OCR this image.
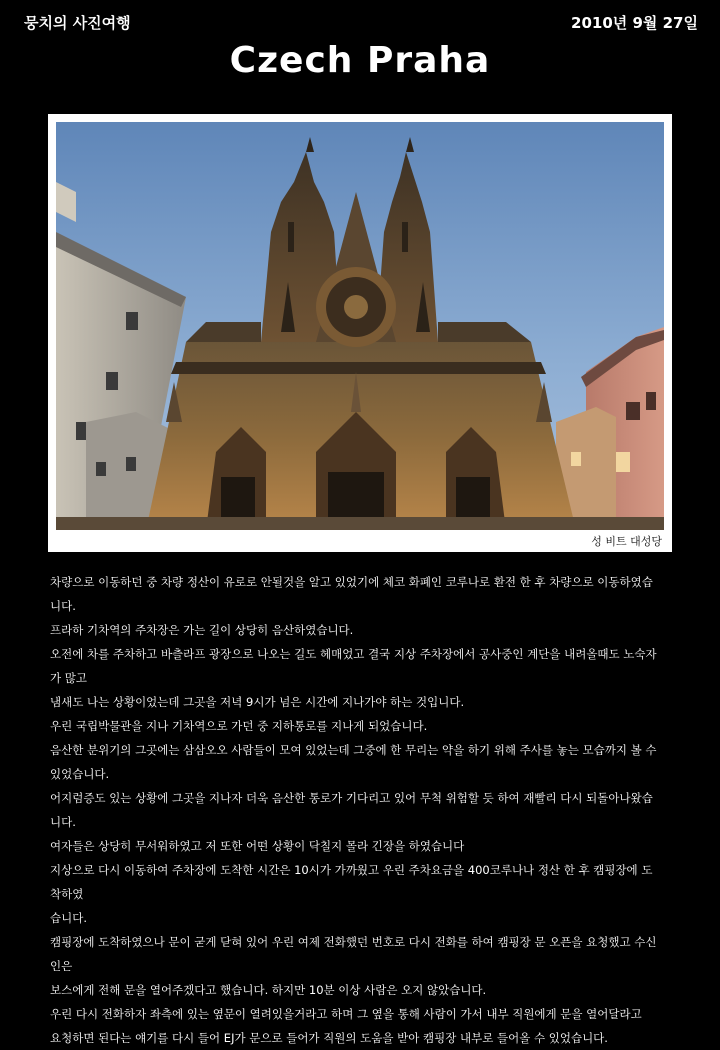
뭉치의 사진여행	2010년 9월 27일
Czech Praha
성 비트 대성당

차량으로 이동하던 중 차량 정산이 유로로 안될것을 알고 있었기에 체코 화폐인 코루나로 환전 한 후 차량으로 이동하였습니다.

프라하 기차역의 주차장은 가는 길이 상당히 음산하였습니다.

오전에 차를 주차하고 바츨라프 광장으로 나오는 길도 헤매었고 결국 지상 주차장에서 공사중인 계단을 내려올때도 노숙자가 많고

냄새도 나는 상황이었는데 그곳을 저녁 9시가 넘은 시간에 지나가야 하는 것입니다.

우린 국립박물관을 지나 기차역으로 가던 중 지하통로를 지나게 되었습니다.

음산한 분위기의 그곳에는 삼삼오오 사람들이 모여 있었는데 그중에 한 무리는 약을 하기 위해 주사를 놓는 모습까지 볼 수

있었습니다.

어지럼증도 있는 상황에 그곳을 지나자 더욱 음산한 통로가 기다리고 있어 무척 위험할 듯 하여 재빨리 다시 되돌아나왔습니다.

여자들은 상당히 무서워하였고 저 또한 어떤 상황이 닥칠지 몰라 긴장을 하였습니다

지상으로 다시 이동하여 주차장에 도착한 시간은 10시가 가까웠고 우린 주차요금을 400코루나나 정산 한 후 캠핑장에 도착하였

습니다.

캠핑장에 도착하였으나 문이 굳게 닫혀 있어 우린 여제 전화했던 번호로 다시 전화를 하여 캠핑장 문 오픈을 요청했고 수신인은

보스에게 전해 문을 열어주겠다고 했습니다. 하지만 10분 이상 사람은 오지 않았습니다.

우린 다시 전화하자 좌측에 있는 옆문이 열려있을거라고 하며 그 옆을 통해 사람이 가서 내부 직원에게 문을 열어달라고

요청하면 된다는 얘기를 다시 들어 EJ가 문으로 들어가 직원의 도움을 받아 캠핑장 내부로 들어올 수 있었습니다.
